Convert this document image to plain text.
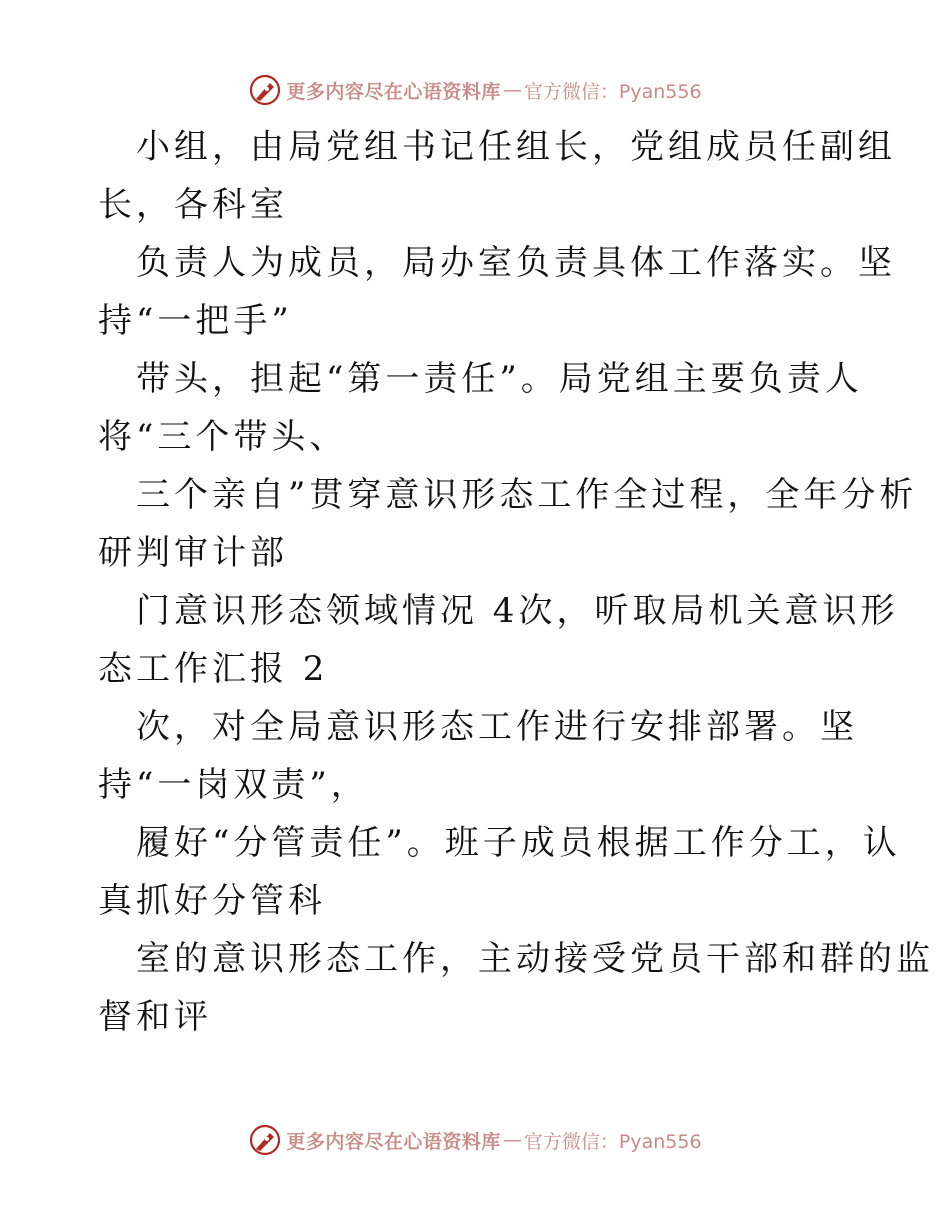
更多内容尽在心语资料库 — 官方微信：Pyan556
小组，由局党组书记任组长，党组成员任副组
长，各科室
负责人为成员，局办室负责具体工作落实。坚
持“一把手”
带头，担起“第一责任”。局党组主要负责人
将“三个带头、
三个亲自”贯穿意识形态工作全过程，全年分析
研判审计部
门意识形态领域情况 4次，听取局机关意识形
态工作汇报 2
次，对全局意识形态工作进行安排部署。坚
持“一岗双责”，
履好“分管责任”。班子成员根据工作分工，认
真抓好分管科
室的意识形态工作，主动接受党员干部和群的监
督和评
更多内容尽在心语资料库 — 官方微信：Pyan556
